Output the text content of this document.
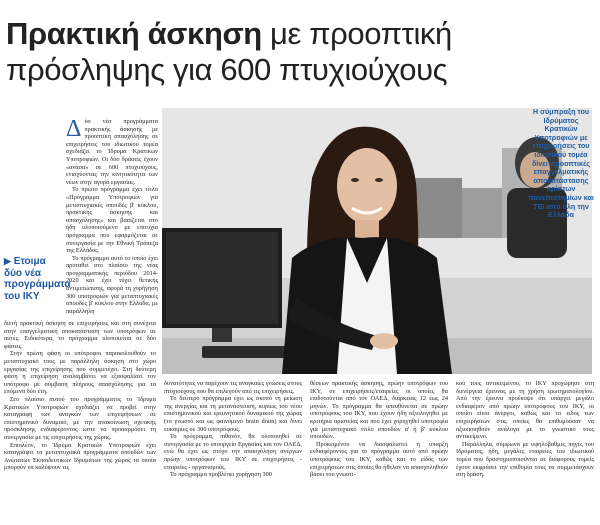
Πρακτική άσκηση με προοπτική πρόσληψης για 600 πτυχιούχους
Η σύμπραξη του Ιδρύματος Κρατικών Υποτροφιών με επιχειρήσεις του ιδιωτικού τομέα δίνει προοπτικές επαγγελματικής αποκατάστασης αρίστων πανεπιστημίων και ΤΕΙ από όλη την Ελλάδα
Δ ύο νέα προγράμματα πρακτικής άσκησης με προοπτική απασχόλησης σε επιχειρήσεις του ιδιωτικού τομέα σχεδιάζει το Ίδρυμα Κρατικών Υποτροφιών. Οι δύο δράσεις έχουν «ανάσα» σε 600 πτυχιούχους, ενισχύοντας την κινητικότητα των νέων στην αγορά εργασίας.

Το πρώτο πρόγραμμα έχει τίτλο «Πρόγραμμα Υποτροφιών για μεταπτυχιακές σπουδές β' κύκλου, πρακτικής άσκησης και απασχόλησης» και βασίζεται στο ήδη υλοποιούμενο με επιτυχία πρόγραμμα που εφαρμόζεται σε συνεργασία με την Εθνική Τράπεζα της Ελλάδος.

Το πρόγραμμα αυτό το οποίο έχει προταθεί στο πλαίσιο της νέας προγραμματικής περιόδου 2014-2020 και έχει τύχει θετικής αντιμετώπισης, αφορά τη χορήγηση 300 υποτροφιών για μεταπτυχιακές σπουδές β' κύκλου στην Ελλάδα, με παράλληλη

▶ Ετοιμα δύο νέα προγράμματα του ΙΚΥ

διετή πρακτική άσκηση σε επιχειρήσεις και στη συνέχεια στην επαγγελματική αποκατάσταση των υποτρόφων σε αυτές. Ειδικότερα, το πρόγραμμα υλοποιείται σε δύο φάσεις.

Στην πρώτη φάση οι υπότροφοι παρακολουθούν το μεταπτυχιακό τους με παράλληλη άσκηση στο χώρο εργασίας της επιχείρησης που συμμετέχει. Στη δεύτερη φάση η επιχείρηση αναλαμβάνει να εξασφαλίσει τον υπότροφο με σύμβαση πλήρους απασχόλησης για τα επόμενα δύο έτη.

Στο πλαίσιο αυτού του προγράμματος το Ίδρυμα Κρατικών Υποτροφιών σχεδιάζει να προβεί στην καταγραφή των αναγκών των επιχειρήσεων σε επιστημονικό δυναμικό, με την ανακοίνωση σχετικής πρόσκλησης ενδιαφέροντος ώστε να προσαρμόσει τη συνεργασία με τις επιχειρήσεις της χώρας.

Επιπλέον, το Ίδρυμα Κρατικών Υποτροφιών έχει καταγράψει τα μεταπτυχιακά προγράμματα σπουδών των Ανώτατων Εκπαιδευτικών Ιδρυμάτων της χώρας τα οποία μπορούν να καλύψουν τις

δυνατότητες να παρέχουν τις αναγκαίες γνώσεις στους πτυχιούχους που θα επιλεγούν από τις επιχειρήσεις.

Το δεύτερο πρόγραμμα έχει ως σκοπό τη μείωση της ανεργίας και τη μετανάστευση, κυρίως του νέου επιστημονικού και ερευνητικού δυναμικού της χώρας (το γνωστό και ως φαινόμενο brain drain) και δίνει ευκαιρίες σε 300 υποτρόφους.

Το πρόγραμμα, πιθανόν, θα υλοποιηθεί σε συνεργασία με το υπουργείο Εργασίας και τον ΟΑΕΔ, ενώ θα έχει ως στόχο την απασχόληση ανέργων πρώην υποτρόφων του ΙΚΥ σε επιχειρήσεις - εταιρείες - οργανισμούς.

Το πρόγραμμα προβλέπει χορήγηση 300

θέσεων πρακτικής άσκησης, πρώην υποτρόφων του ΙΚΥ, σε επιχειρήσεις/εταιρείες οι οποίες θα επιδοτούνται από τον ΟΑΕΔ, διάρκειας 12 έως 24 μηνών. Το πρόγραμμα θα απευθύνεται σε πρώην υποτρόφους του ΙΚΥ, που έχουν ήδη αξιολογηθεί με κριτήρια αριστείας και που έχει χορηγηθεί υποτροφία για μεταπτυχιακό τίτλο σπουδών α' ή β' κύκλου σπουδών.

Προκειμένου να διασφαλιστεί η ύπαρξη ενδιαφέροντος για το πρόγραμμα αυτό από πρώην υποτρόφους του ΙΚΥ, καθώς και το είδος των επιχειρήσεων στις οποίες θα ήθελαν να απασχοληθούν βάσει του γνωστι-

κού τους αντικειμένου, το ΙΚΥ προχώρησε στη διενέργεια έρευνας με τη χρήση ερωτηματολογίου. Από την έρευνα προέκυψε ότι υπάρχει μεγάλο ενδιαφέρον από πρώην υποτρόφους του ΙΚΥ, οι οποίοι είναι άνεργοι, καθώς και το είδος των επιχειρήσεων στις οποίες θα επιθυμούσαν να αξιοποιηθούν ανάλογα με το γνωστικό τους αντικείμενο.

Παράλληλα, σύμφωνα με υψηλόβαθμες πηγές του Ιδρύματος, ήδη, μεγάλες εταιρείες του ιδιωτικού τομέα που δραστηριοποιούνται σε διάφορους τομείς έχουν εκφράσει την επιθυμία τους να συμμετάσχουν στη δράση.
